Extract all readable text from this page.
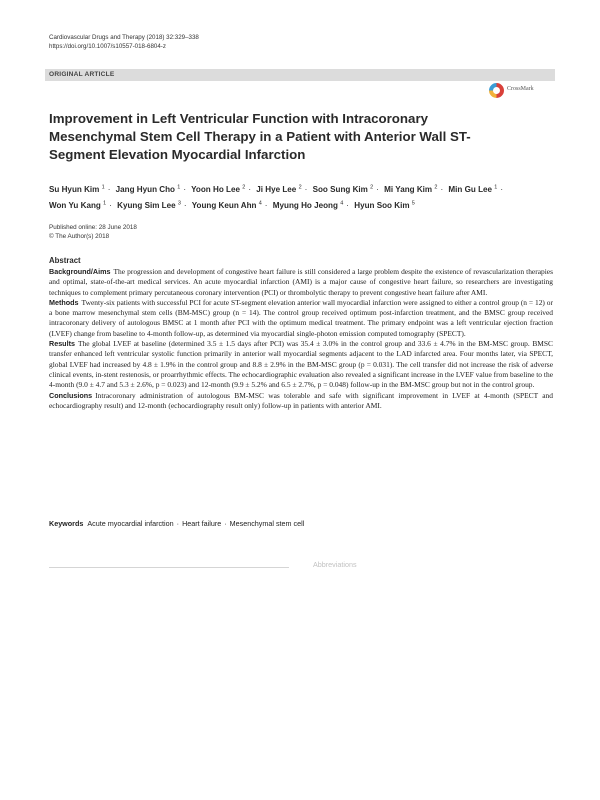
Cardiovascular Drugs and Therapy (2018) 32:329–338
https://doi.org/10.1007/s10557-018-6804-z
ORIGINAL ARTICLE
CrossMark
Improvement in Left Ventricular Function with Intracoronary Mesenchymal Stem Cell Therapy in a Patient with Anterior Wall ST-Segment Elevation Myocardial Infarction
Su Hyun Kim $^1$ · Jang Hyun Cho $^1$ · Yoon Ho Lee $^2$ · Ji Hye Lee $^2$ · Soo Sung Kim $^2$ · Mi Yang Kim $^2$ · Min Gu Lee $^1$ · Won Yu Kang $^1$ · Kyung Sim Lee $^3$ · Young Keun Ahn $^4$ · Myung Ho Jeong $^4$ · Hyun Soo Kim $^5$
Published online: 28 June 2018
© The Author(s) 2018
Abstract

Background/Aims The progression and development of congestive heart failure is still considered a large problem despite the existence of revascularization therapies and optimal, state-of-the-art medical services. An acute myocardial infarction (AMI) is a major cause of congestive heart failure, so researchers are investigating techniques to complement primary percutaneous coronary intervention (PCI) or thrombolytic therapy to prevent congestive heart failure after AMI.

Methods Twenty-six patients with successful PCI for acute ST-segment elevation anterior wall myocardial infarction were assigned to either a control group (n = 12) or a bone marrow mesenchymal stem cells (BM-MSC) group (n = 14). The control group received optimum post-infarction treatment, and the BMSC group received intracoronary delivery of autologous BMSC at 1 month after PCI with the optimum medical treatment. The primary endpoint was a left ventricular ejection fraction (LVEF) change from baseline to 4-month follow-up, as determined via myocardial single-photon emission computed tomography (SPECT).

Results The global LVEF at baseline (determined 3.5 ± 1.5 days after PCI) was 35.4 ± 3.0% in the control group and 33.6 ± 4.7% in the BM-MSC group. BMSC transfer enhanced left ventricular systolic function primarily in anterior wall myocardial segments adjacent to the LAD infarcted area. Four months later, via SPECT, global LVEF had increased by 4.8 ± 1.9% in the control group and 8.8 ± 2.9% in the BM-MSC group (p = 0.031). The cell transfer did not increase the risk of adverse clinical events, in-stent restenosis, or proarrhythmic effects. The echocardiographic evaluation also revealed a significant increase in the LVEF value from baseline to the 4-month (9.0 ± 4.7 and 5.3 ± 2.6%, p = 0.023) and 12-month (9.9 ± 5.2% and 6.5 ± 2.7%, p = 0.048) follow-up in the BM-MSC group but not in the control group.

Conclusions Intracoronary administration of autologous BM-MSC was tolerable and safe with significant improvement in LVEF at 4-month (SPECT and echocardiography result) and 12-month (echocardiography result only) follow-up in patients with anterior AMI.

Keywords Acute myocardial infarction · Heart failure · Mesenchymal stem cell
Abbreviations
